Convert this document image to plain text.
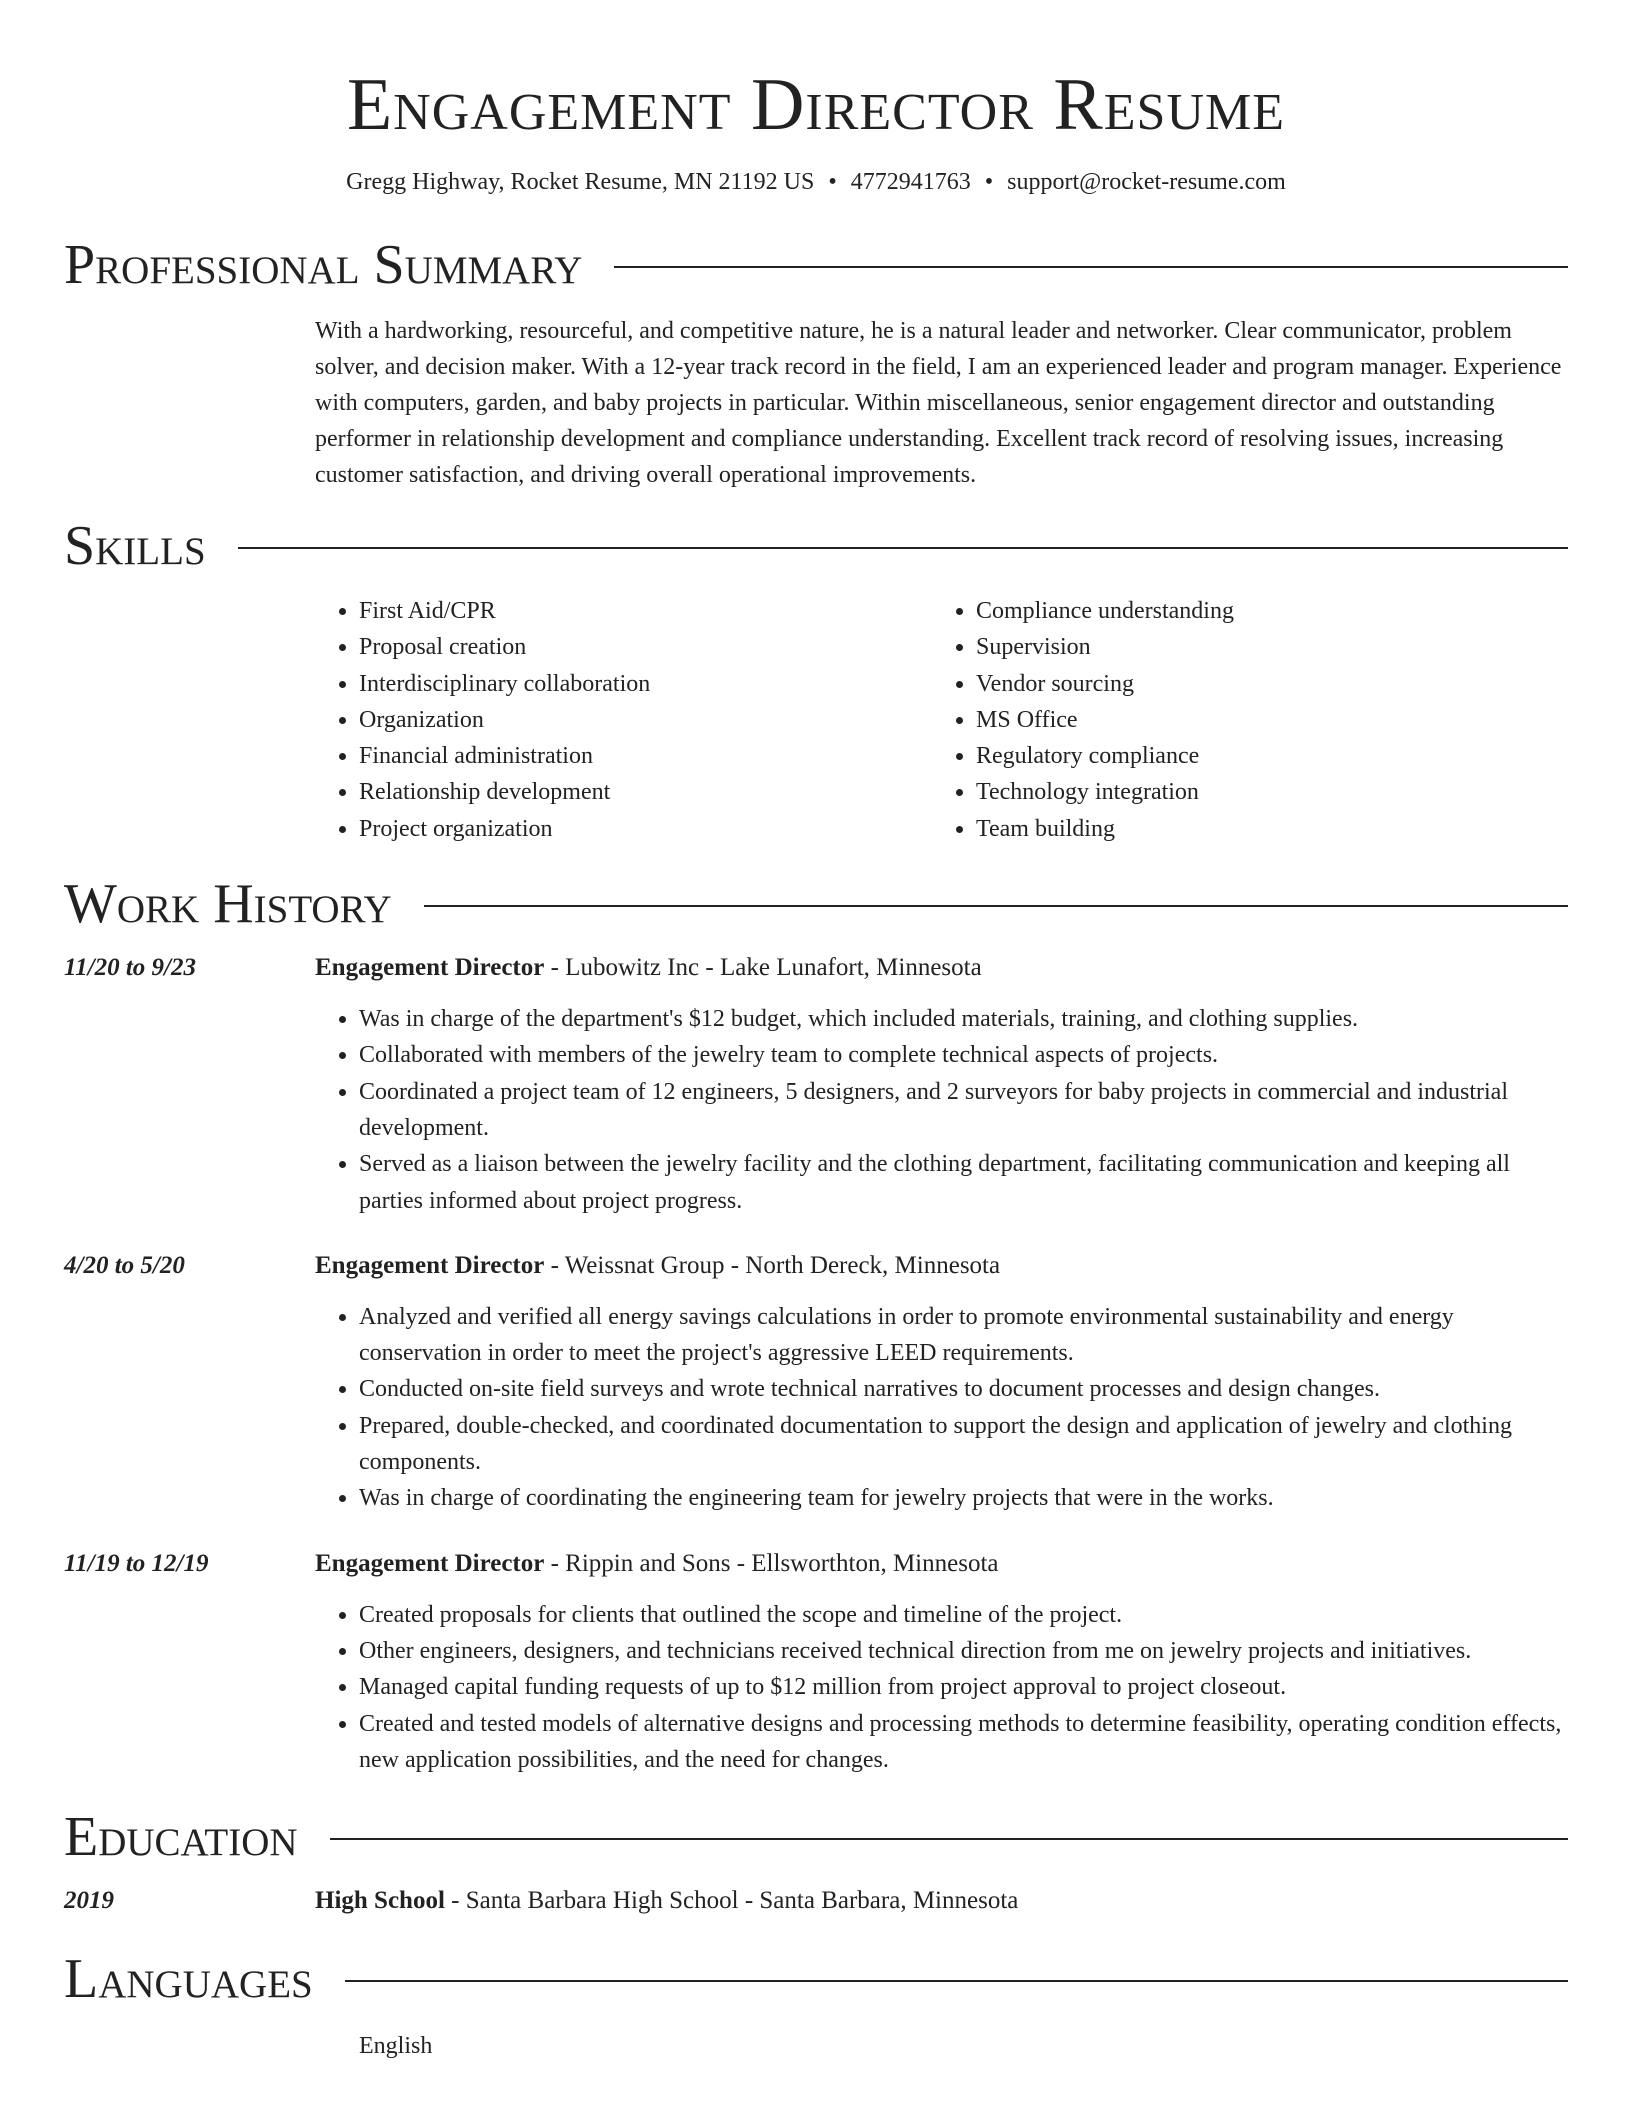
Engagement Director Resume
Gregg Highway, Rocket Resume, MN 21192 US • 4772941763 • support@rocket-resume.com
Professional Summary

With a hardworking, resourceful, and competitive nature, he is a natural leader and networker. Clear communicator, problem solver, and decision maker. With a 12-year track record in the field, I am an experienced leader and program manager. Experience with computers, garden, and baby projects in particular. Within miscellaneous, senior engagement director and outstanding performer in relationship development and compliance understanding. Excellent track record of resolving issues, increasing customer satisfaction, and driving overall operational improvements.

Skills
• First Aid/CPR
• Proposal creation
• Interdisciplinary collaboration
• Organization
• Financial administration
• Relationship development
• Project organization
• Compliance understanding
• Supervision
• Vendor sourcing
• MS Office
• Regulatory compliance
• Technology integration
• Team building
Work History
11/20 to 9/23	Engagement Director - Lubowitz Inc - Lake Lunafort, Minnesota

• Was in charge of the department's $12 budget, which included materials, training, and clothing supplies.
• Collaborated with members of the jewelry team to complete technical aspects of projects.
• Coordinated a project team of 12 engineers, 5 designers, and 2 surveyors for baby projects in commercial and industrial development.
• Served as a liaison between the jewelry facility and the clothing department, facilitating communication and keeping all parties informed about project progress.
4/20 to 5/20	Engagement Director - Weissnat Group - North Dereck, Minnesota

• Analyzed and verified all energy savings calculations in order to promote environmental sustainability and energy conservation in order to meet the project's aggressive LEED requirements.
• Conducted on-site field surveys and wrote technical narratives to document processes and design changes.
• Prepared, double-checked, and coordinated documentation to support the design and application of jewelry and clothing components.
• Was in charge of coordinating the engineering team for jewelry projects that were in the works.
11/19 to 12/19	Engagement Director - Rippin and Sons - Ellsworthton, Minnesota

• Created proposals for clients that outlined the scope and timeline of the project.
• Other engineers, designers, and technicians received technical direction from me on jewelry projects and initiatives.
• Managed capital funding requests of up to $12 million from project approval to project closeout.
• Created and tested models of alternative designs and processing methods to determine feasibility, operating condition effects, new application possibilities, and the need for changes.
Education
2019	High School - Santa Barbara High School - Santa Barbara, Minnesota

Languages
English
